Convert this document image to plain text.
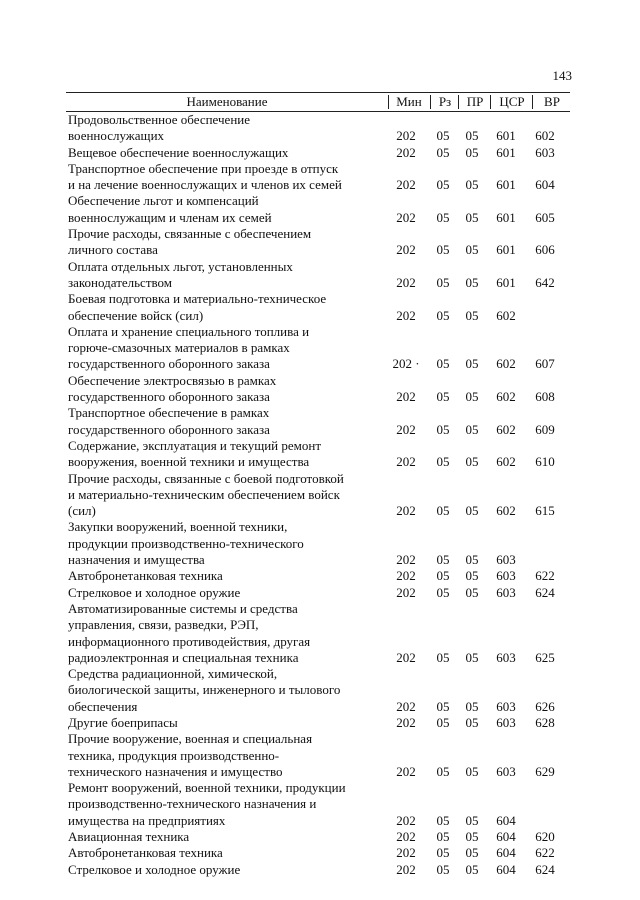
143
Наименование	Мин	Рз	ПР	ЦСР	ВР
Продовольственное обеспечение
военнослужащих	202	05	05	601	602
Вещевое обеспечение военнослужащих	202	05	05	601	603
Транспортное обеспечение при проезде в отпуск
и на лечение военнослужащих и членов их семей	202	05	05	601	604
Обеспечение льгот и компенсаций
военнослужащим и членам их семей	202	05	05	601	605
Прочие расходы, связанные с обеспечением
личного состава	202	05	05	601	606
Оплата отдельных льгот, установленных
законодательством	202	05	05	601	642
Боевая подготовка и материально-техническое
обеспечение войск (сил)	202	05	05	602
Оплата и хранение специального топлива и
горюче-смазочных материалов в рамках
государственного оборонного заказа	202 ·	05	05	602	607
Обеспечение электросвязью в рамках
государственного оборонного заказа	202	05	05	602	608
Транспортное обеспечение в рамках
государственного оборонного заказа	202	05	05	602	609
Содержание, эксплуатация и текущий ремонт
вооружения, военной техники и имущества	202	05	05	602	610
Прочие расходы, связанные с боевой подготовкой
и материально-техническим обеспечением войск
(сил)	202	05	05	602	615
Закупки вооружений, военной техники,
продукции производственно-технического
назначения и имущества	202	05	05	603
Автобронетанковая техника	202	05	05	603	622
Стрелковое и холодное оружие	202	05	05	603	624
Автоматизированные системы и средства
управления, связи, разведки, РЭП,
информационного противодействия, другая
радиоэлектронная и специальная техника	202	05	05	603	625
Средства радиационной, химической,
биологической защиты, инженерного и тылового
обеспечения	202	05	05	603	626
Другие боеприпасы	202	05	05	603	628
Прочие вооружение, военная и специальная
техника, продукция производственно-
технического назначения и имущество	202	05	05	603	629
Ремонт вооружений, военной техники, продукции
производственно-технического назначения и
имущества на предприятиях	202	05	05	604
Авиационная техника	202	05	05	604	620
Автобронетанковая техника	202	05	05	604	622
Стрелковое и холодное оружие	202	05	05	604	624
